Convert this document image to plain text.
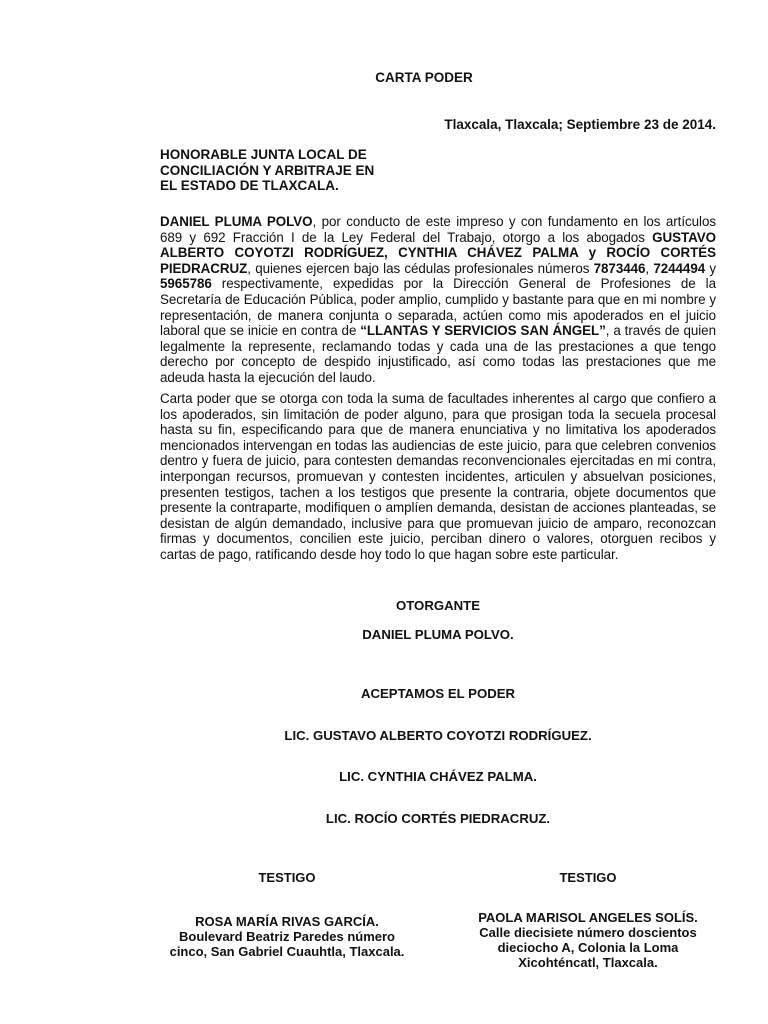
CARTA PODER
Tlaxcala, Tlaxcala; Septiembre 23 de 2014.
HONORABLE JUNTA LOCAL DE
CONCILIACIÓN Y ARBITRAJE EN
EL ESTADO DE TLAXCALA.
DANIEL PLUMA POLVO, por conducto de este impreso y con fundamento en los artículos 689 y 692 Fracción I de la Ley Federal del Trabajo, otorgo a los abogados GUSTAVO ALBERTO COYOTZI RODRÍGUEZ, CYNTHIA CHÁVEZ PALMA y ROCÍO CORTÉS PIEDRACRUZ, quienes ejercen bajo las cédulas profesionales números 7873446, 7244494 y 5965786 respectivamente, expedidas por la Dirección General de Profesiones de la Secretaría de Educación Pública, poder amplio, cumplido y bastante para que en mi nombre y representación, de manera conjunta o separada, actúen como mis apoderados en el juicio laboral que se inicie en contra de “LLANTAS Y SERVICIOS SAN ÁNGEL”, a través de quien legalmente la represente, reclamando todas y cada una de las prestaciones a que tengo derecho por concepto de despido injustificado, así como todas las prestaciones que me adeuda hasta la ejecución del laudo.
Carta poder que se otorga con toda la suma de facultades inherentes al cargo que confiero a los apoderados, sin limitación de poder alguno, para que prosigan toda la secuela procesal hasta su fin, especificando para que de manera enunciativa y no limitativa los apoderados mencionados intervengan en todas las audiencias de este juicio, para que celebren convenios dentro y fuera de juicio, para contesten demandas reconvencionales ejercitadas en mi contra, interpongan recursos, promuevan y contesten incidentes, articulen y absuelvan posiciones, presenten testigos, tachen a los testigos que presente la contraria, objete documentos que presente la contraparte, modifiquen o amplíen demanda, desistan de acciones planteadas, se desistan de algún demandado, inclusive para que promuevan juicio de amparo, reconozcan firmas y documentos, concilien este juicio, perciban dinero o valores, otorguen recibos y cartas de pago, ratificando desde hoy todo lo que hagan sobre este particular.
OTORGANTE
DANIEL PLUMA POLVO.
ACEPTAMOS EL PODER
LIC. GUSTAVO ALBERTO COYOTZI RODRÍGUEZ.
LIC. CYNTHIA CHÁVEZ PALMA.
LIC. ROCÍO CORTÉS PIEDRACRUZ.
TESTIGO	TESTIGO
ROSA MARÍA RIVAS GARCÍA.
Boulevard Beatriz Paredes número
cinco, San Gabriel Cuauhtla, Tlaxcala.
PAOLA MARISOL ANGELES SOLÍS.
Calle diecisiete número doscientos
dieciocho A, Colonia la Loma
Xicohténcatl, Tlaxcala.
